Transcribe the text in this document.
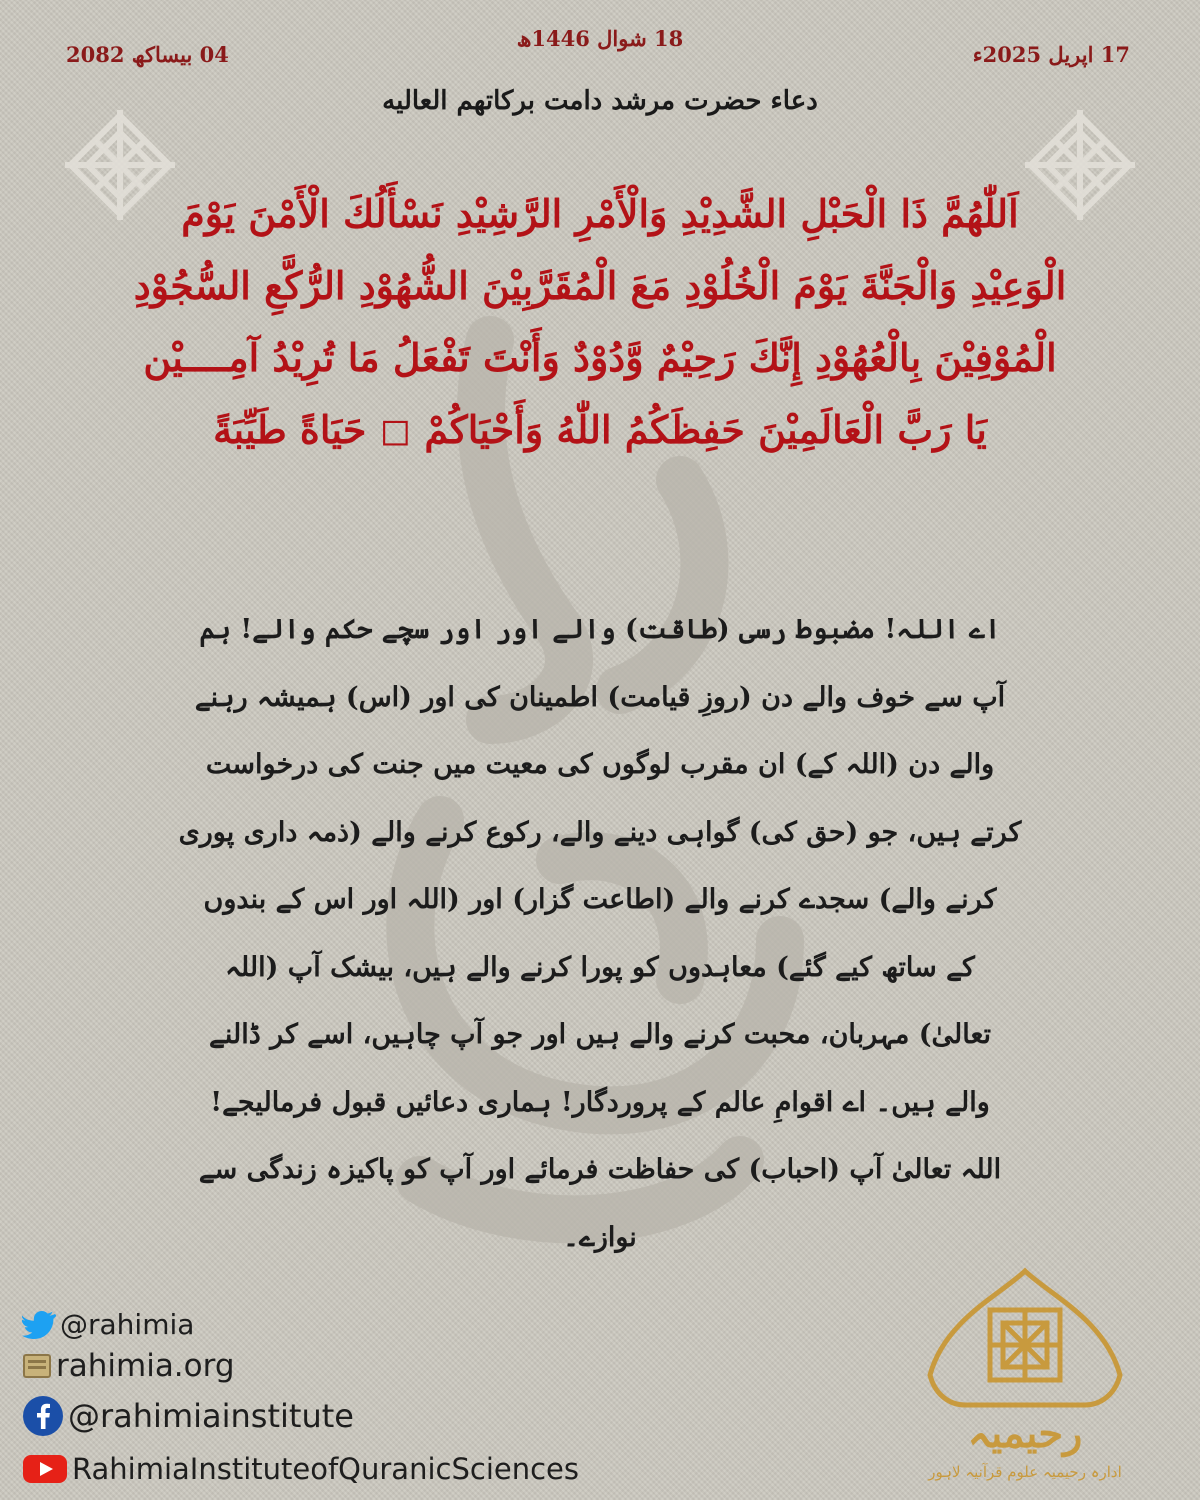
18 شوال 1446ھ
04 بیساکھ 2082	17 اپریل 2025ء
دعاء حضرت مرشد دامت برکاتھم العالیه
اَللّٰهُمَّ ذَا الْحَبْلِ الشَّدِيْدِ وَالْأَمْرِ الرَّشِيْدِ نَسْأَلُكَ الْأَمْنَ يَوْمَ
الْوَعِيْدِ وَالْجَنَّةَ يَوْمَ الْخُلُوْدِ مَعَ الْمُقَرَّبِيْنَ الشُّهُوْدِ الرُّكَّعِ السُّجُوْدِ
الْمُوْفِيْنَ بِالْعُهُوْدِ إِنَّكَ رَحِيْمٌ وَّدُوْدٌ وَأَنْتَ تَفْعَلُ مَا تُرِيْدُ آمِــــيْن
يَا رَبَّ الْعَالَمِيْنَ حَفِظَكُمُ اللّٰهُ وَأَحْيَاكُمْ ◻ حَيَاةً طَيِّبَةً
اے اللہ! مضبوط رسی (طاقت) والے اور اور سچے حکم والے! ہم
آپ سے خوف والے دن (روزِ قیامت) اطمینان کی اور (اس) ہمیشہ رہنے
والے دن (اللہ کے) ان مقرب لوگوں کی معیت میں جنت کی درخواست
کرتے ہیں، جو (حق کی) گواہی دینے والے، رکوع کرنے والے (ذمہ داری پوری
کرنے والے) سجدے کرنے والے (اطاعت گزار) اور (اللہ اور اس کے بندوں
کے ساتھ کیے گئے) معاہدوں کو پورا کرنے والے ہیں، بیشک آپ (اللہ
تعالیٰ) مہربان، محبت کرنے والے ہیں اور جو آپ چاہیں، اسے کر ڈالنے
والے ہیں۔ اے اقوامِ عالم کے پروردگار! ہماری دعائیں قبول فرمالیجے!
اللہ تعالیٰ آپ (احباب) کی حفاظت فرمائے اور آپ کو پاکیزہ زندگی سے
نوازے۔
@rahimia
rahimia.org
@rahimiainstitute
RahimiaInstituteofQuranicSciences
رحیمیہ
ادارہ رحیمیہ علوم قرآنیہ لاہور
